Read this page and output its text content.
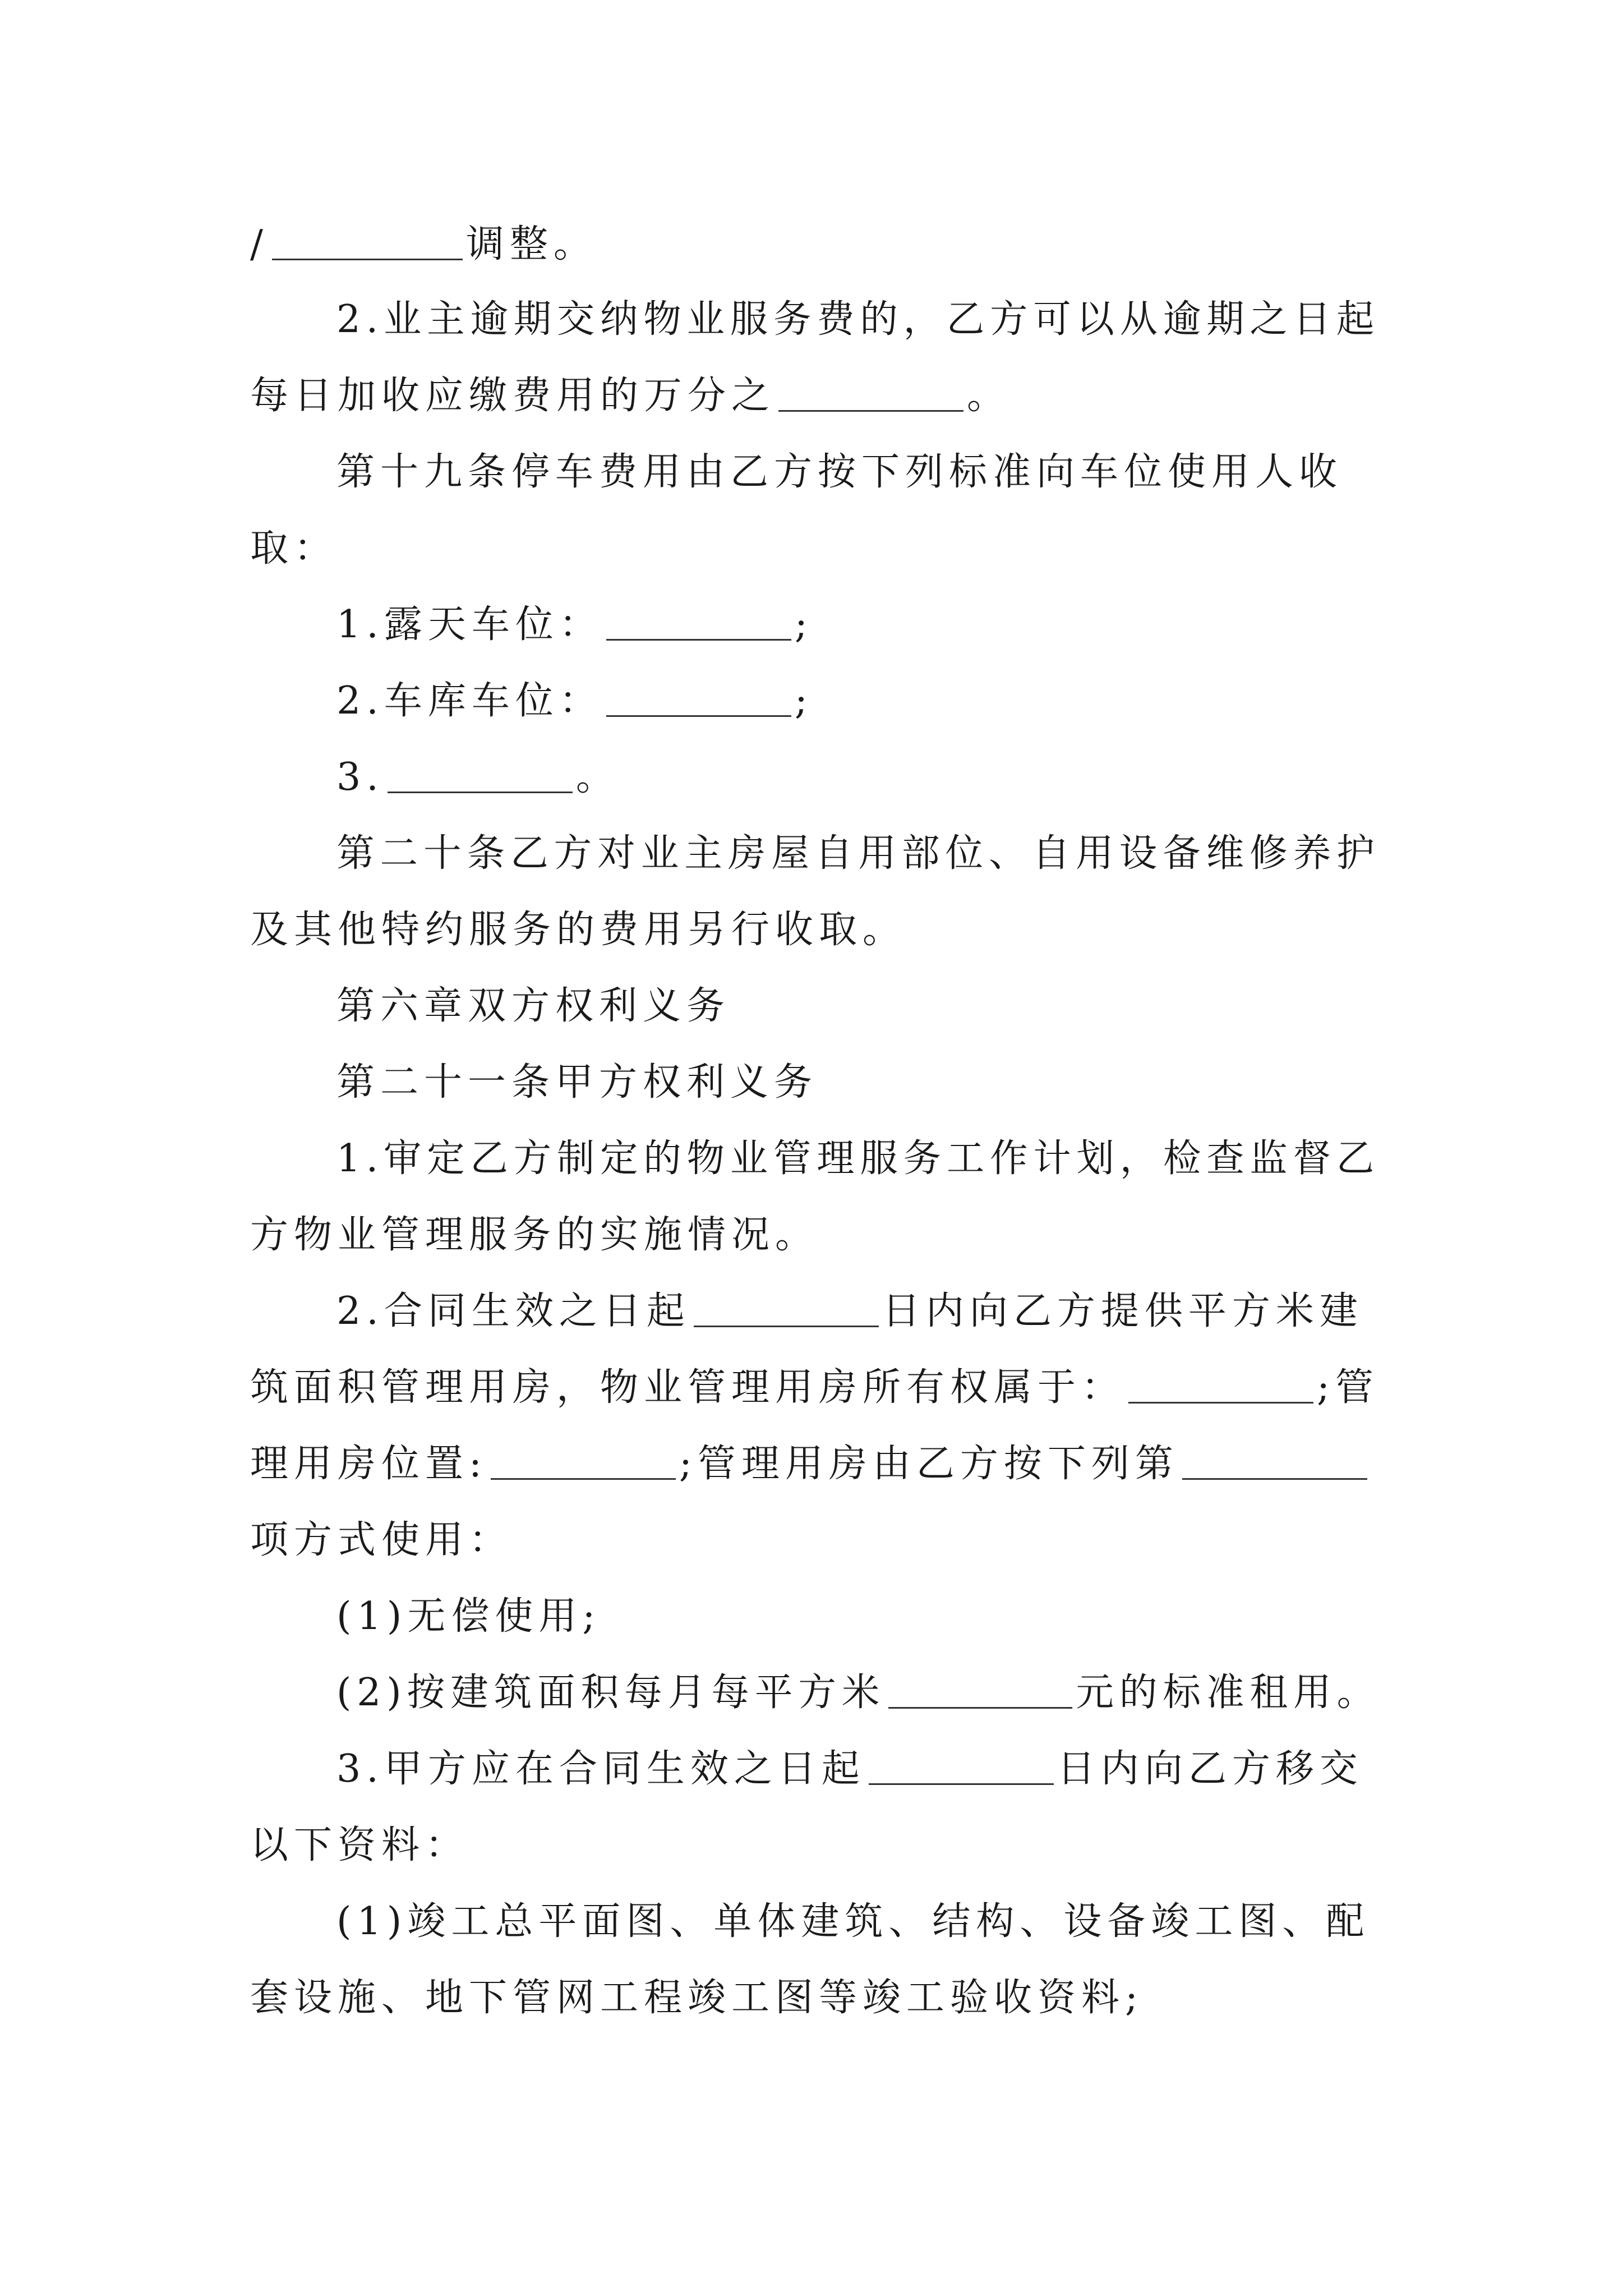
/	调整。
2.业主逾期交纳物业服务费的，乙方可以从逾期之日起
每日加收应缴费用的万分之	。
第十九条停车费用由乙方按下列标准向车位使用人收
取：
1.露天车位：	;
2.车库车位：	;
3.	。
第二十条乙方对业主房屋自用部位、自用设备维修养护
及其他特约服务的费用另行收取。
第六章双方权利义务
第二十一条甲方权利义务
1.审定乙方制定的物业管理服务工作计划，检查监督乙
方物业管理服务的实施情况。
2.合同生效之日起	日内向乙方提供平方米建
筑面积管理用房，物业管理用房所有权属于：	;管
理用房位置:	;管理用房由乙方按下列第
项方式使用：
(1)无偿使用;
(2)按建筑面积每月每平方米	元的标准租用。
3.甲方应在合同生效之日起	日内向乙方移交
以下资料：
(1)竣工总平面图、单体建筑、结构、设备竣工图、配
套设施、地下管网工程竣工图等竣工验收资料;
